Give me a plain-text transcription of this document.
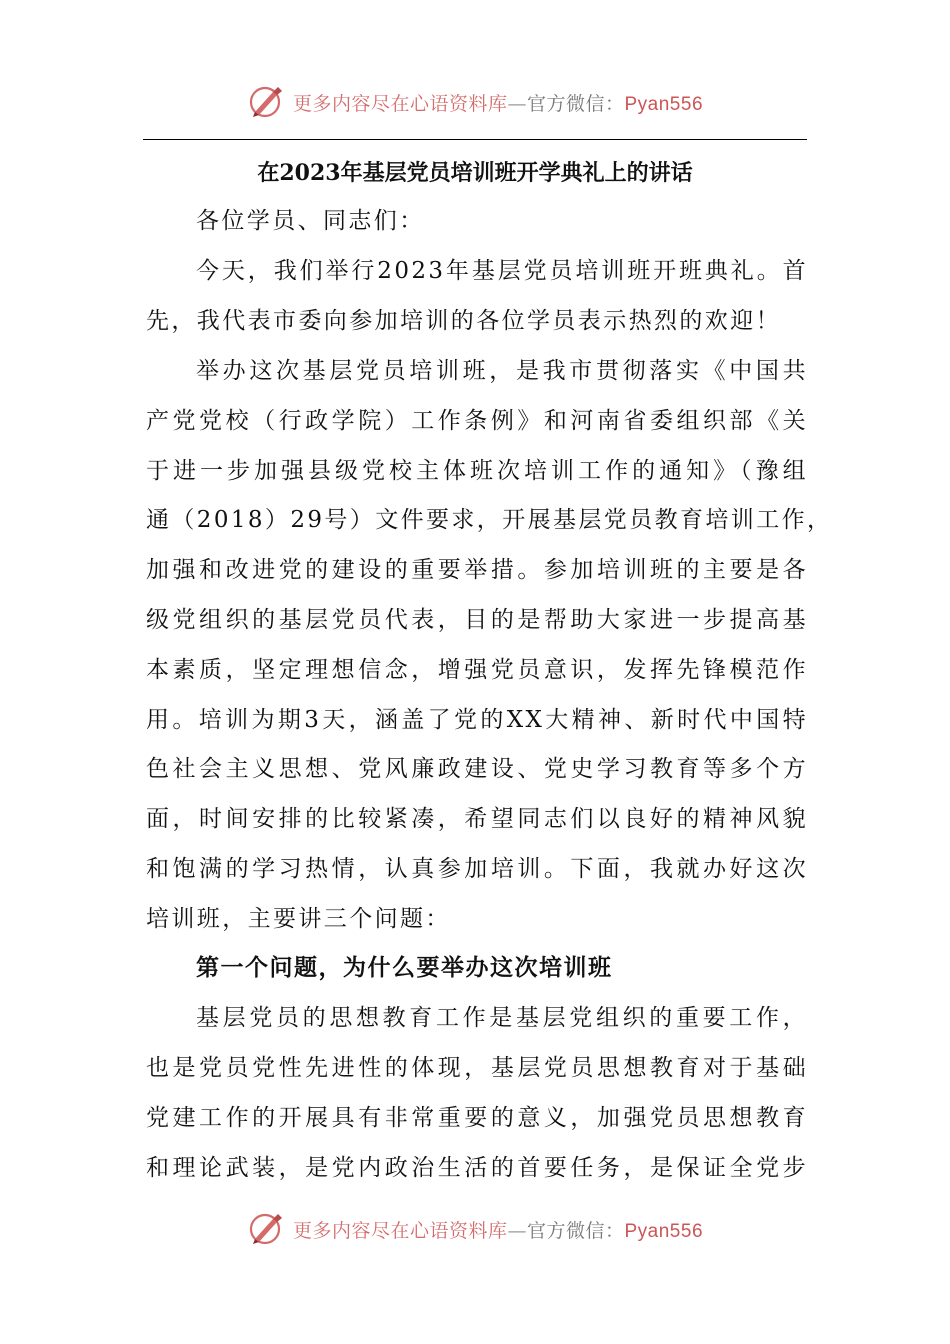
更多内容尽在心语资料库—官方微信：Pyan556
在2023年基层党员培训班开学典礼上的讲话
各位学员、同志们：
今天，我们举行2023年基层党员培训班开班典礼。首
先，我代表市委向参加培训的各位学员表示热烈的欢迎！
举办这次基层党员培训班，是我市贯彻落实《中国共
产党党校（行政学院）工作条例》和河南省委组织部《关
于进一步加强县级党校主体班次培训工作的通知》（豫组
通（2018）29号）文件要求，开展基层党员教育培训工作，
加强和改进党的建设的重要举措。参加培训班的主要是各
级党组织的基层党员代表，目的是帮助大家进一步提高基
本素质，坚定理想信念，增强党员意识，发挥先锋模范作
用。培训为期3天，涵盖了党的XX大精神、新时代中国特
色社会主义思想、党风廉政建设、党史学习教育等多个方
面，时间安排的比较紧凑，希望同志们以良好的精神风貌
和饱满的学习热情，认真参加培训。下面，我就办好这次
培训班，主要讲三个问题：
第一个问题，为什么要举办这次培训班
基层党员的思想教育工作是基层党组织的重要工作，
也是党员党性先进性的体现，基层党员思想教育对于基础
党建工作的开展具有非常重要的意义，加强党员思想教育
和理论武装，是党内政治生活的首要任务，是保证全党步
更多内容尽在心语资料库—官方微信：Pyan556
